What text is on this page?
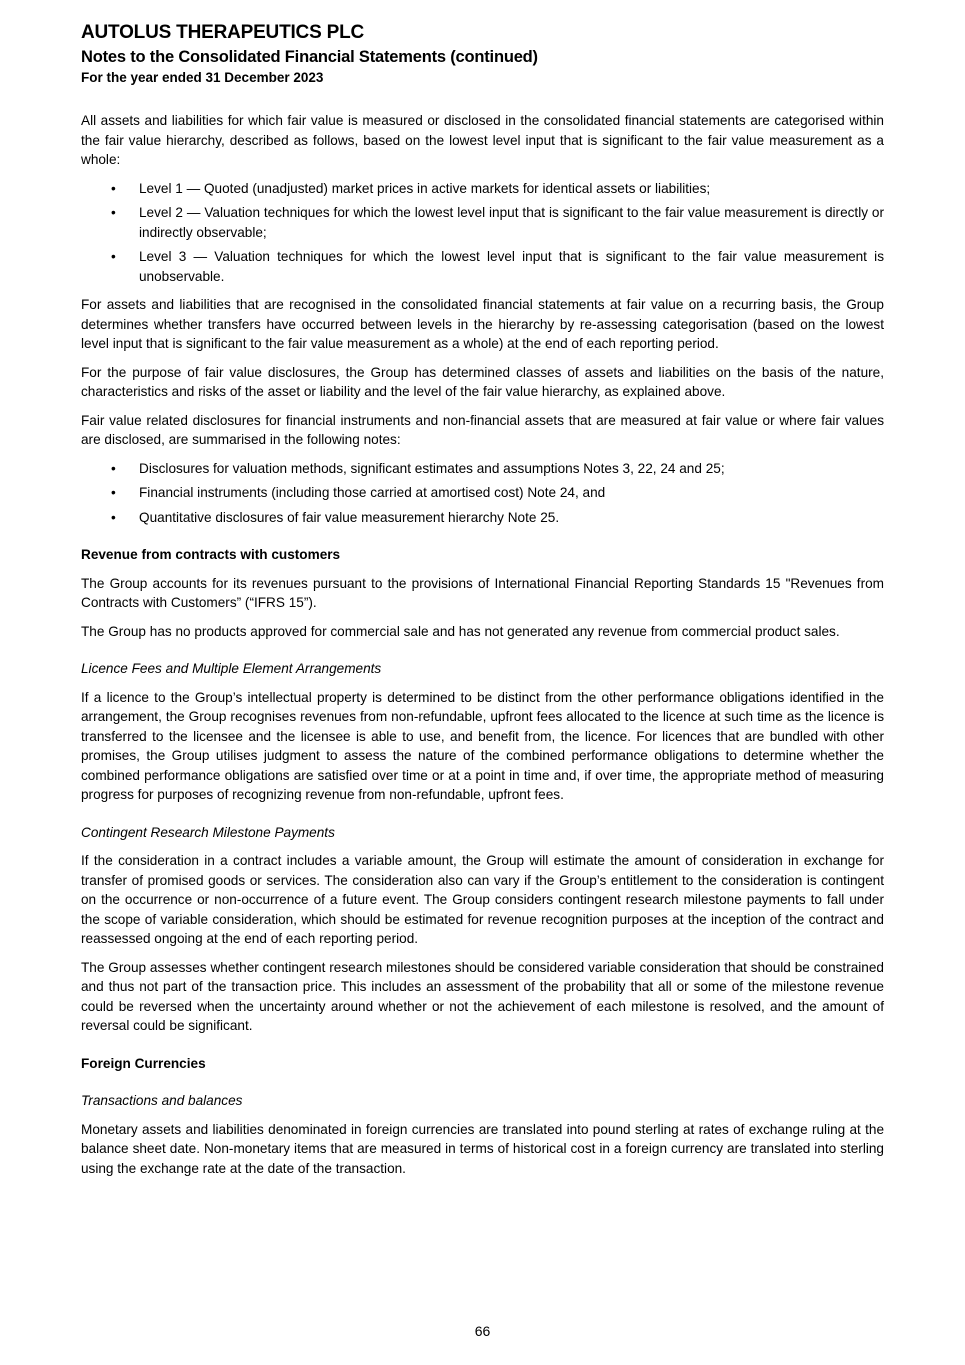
AUTOLUS THERAPEUTICS PLC
Notes to the Consolidated Financial Statements (continued)
For the year ended 31 December 2023

All assets and liabilities for which fair value is measured or disclosed in the consolidated financial statements are categorised within the fair value hierarchy, described as follows, based on the lowest level input that is significant to the fair value measurement as a whole:

• Level 1 — Quoted (unadjusted) market prices in active markets for identical assets or liabilities;
• Level 2 — Valuation techniques for which the lowest level input that is significant to the fair value measurement is directly or indirectly observable;
• Level 3 — Valuation techniques for which the lowest level input that is significant to the fair value measurement is unobservable.

For assets and liabilities that are recognised in the consolidated financial statements at fair value on a recurring basis, the Group determines whether transfers have occurred between levels in the hierarchy by re-assessing categorisation (based on the lowest level input that is significant to the fair value measurement as a whole) at the end of each reporting period.

For the purpose of fair value disclosures, the Group has determined classes of assets and liabilities on the basis of the nature, characteristics and risks of the asset or liability and the level of the fair value hierarchy, as explained above.

Fair value related disclosures for financial instruments and non-financial assets that are measured at fair value or where fair values are disclosed, are summarised in the following notes:

• Disclosures for valuation methods, significant estimates and assumptions Notes 3, 22, 24 and 25;
• Financial instruments (including those carried at amortised cost) Note 24, and
• Quantitative disclosures of fair value measurement hierarchy Note 25.

Revenue from contracts with customers

The Group accounts for its revenues pursuant to the provisions of International Financial Reporting Standards 15 "Revenues from Contracts with Customers” (“IFRS 15”).

The Group has no products approved for commercial sale and has not generated any revenue from commercial product sales.

Licence Fees and Multiple Element Arrangements

If a licence to the Group’s intellectual property is determined to be distinct from the other performance obligations identified in the arrangement, the Group recognises revenues from non-refundable, upfront fees allocated to the licence at such time as the licence is transferred to the licensee and the licensee is able to use, and benefit from, the licence. For licences that are bundled with other promises, the Group utilises judgment to assess the nature of the combined performance obligations to determine whether the combined performance obligations are satisfied over time or at a point in time and, if over time, the appropriate method of measuring progress for purposes of recognizing revenue from non-refundable, upfront fees.

Contingent Research Milestone Payments

If the consideration in a contract includes a variable amount, the Group will estimate the amount of consideration in exchange for transfer of promised goods or services. The consideration also can vary if the Group’s entitlement to the consideration is contingent on the occurrence or non-occurrence of a future event. The Group considers contingent research milestone payments to fall under the scope of variable consideration, which should be estimated for revenue recognition purposes at the inception of the contract and reassessed ongoing at the end of each reporting period.

The Group assesses whether contingent research milestones should be considered variable consideration that should be constrained and thus not part of the transaction price. This includes an assessment of the probability that all or some of the milestone revenue could be reversed when the uncertainty around whether or not the achievement of each milestone is resolved, and the amount of reversal could be significant.

Foreign Currencies

Transactions and balances

Monetary assets and liabilities denominated in foreign currencies are translated into pound sterling at rates of exchange ruling at the balance sheet date. Non-monetary items that are measured in terms of historical cost in a foreign currency are translated into sterling using the exchange rate at the date of the transaction.

66
